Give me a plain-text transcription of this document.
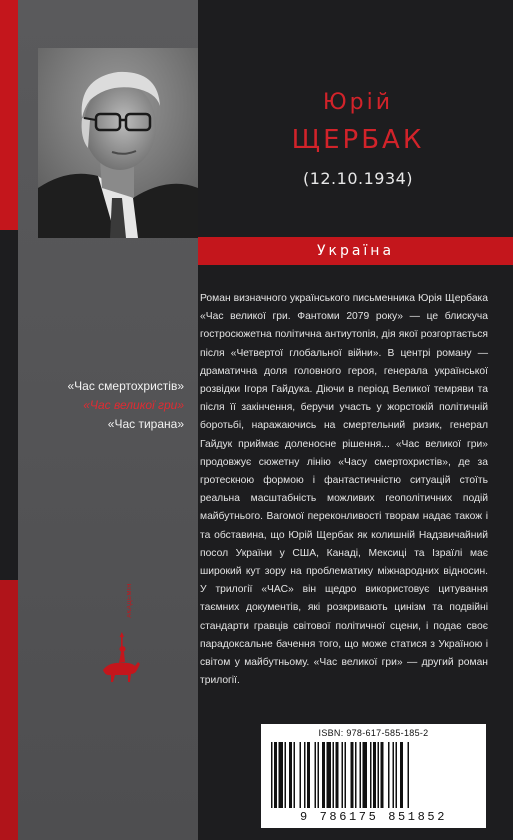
Юрій
ЩЕРБАК
(12.10.1934)
Україна
«Час смертохристів»
«Час великої гри»
«Час тирана»
Роман визначного українського письменника Юрія Щербака «Час великої гри. Фантоми 2079 року» — це блискуча гостросюжетна політична антиутопія, дія якої розгортається після «Четвертої глобальної війни». В центрі роману — драматична доля головного героя, генерала української розвідки Ігоря Гайдука. Діючи в період Великої темряви та після її закінчення, беручи участь у жорстокій політичній боротьбі, наражаючись на смертельний ризик, генерал Гайдук приймає доленосне рішення... «Час великої гри» продовжує сюжетну лінію «Часу смертохристів», де за гротескною формою і фантастичністю ситуацій стоїть реальна масштабність можливих геополітичних подій майбутнього. Вагомої переконливості творам надає також і та обставина, що Юрій Щербак як колишній Надзвичайний посол України у США, Канаді, Мексиці та Ізраїлі має широкий кут зору на проблематику міжнародних відносин. У трилогії «ЧАС» він щедро використовує цитування таємних документів, які розкривають цинізм та подвійні стандарти гравців світової політичної сцени, і подає своє парадоксальне бачення того, що може статися з Україною і світом у майбутньому. «Час великої гри» — другий роман трилогії.
АКАДЕМІЯ
ISBN: 978-617-585-185-2
9 786175 851852
